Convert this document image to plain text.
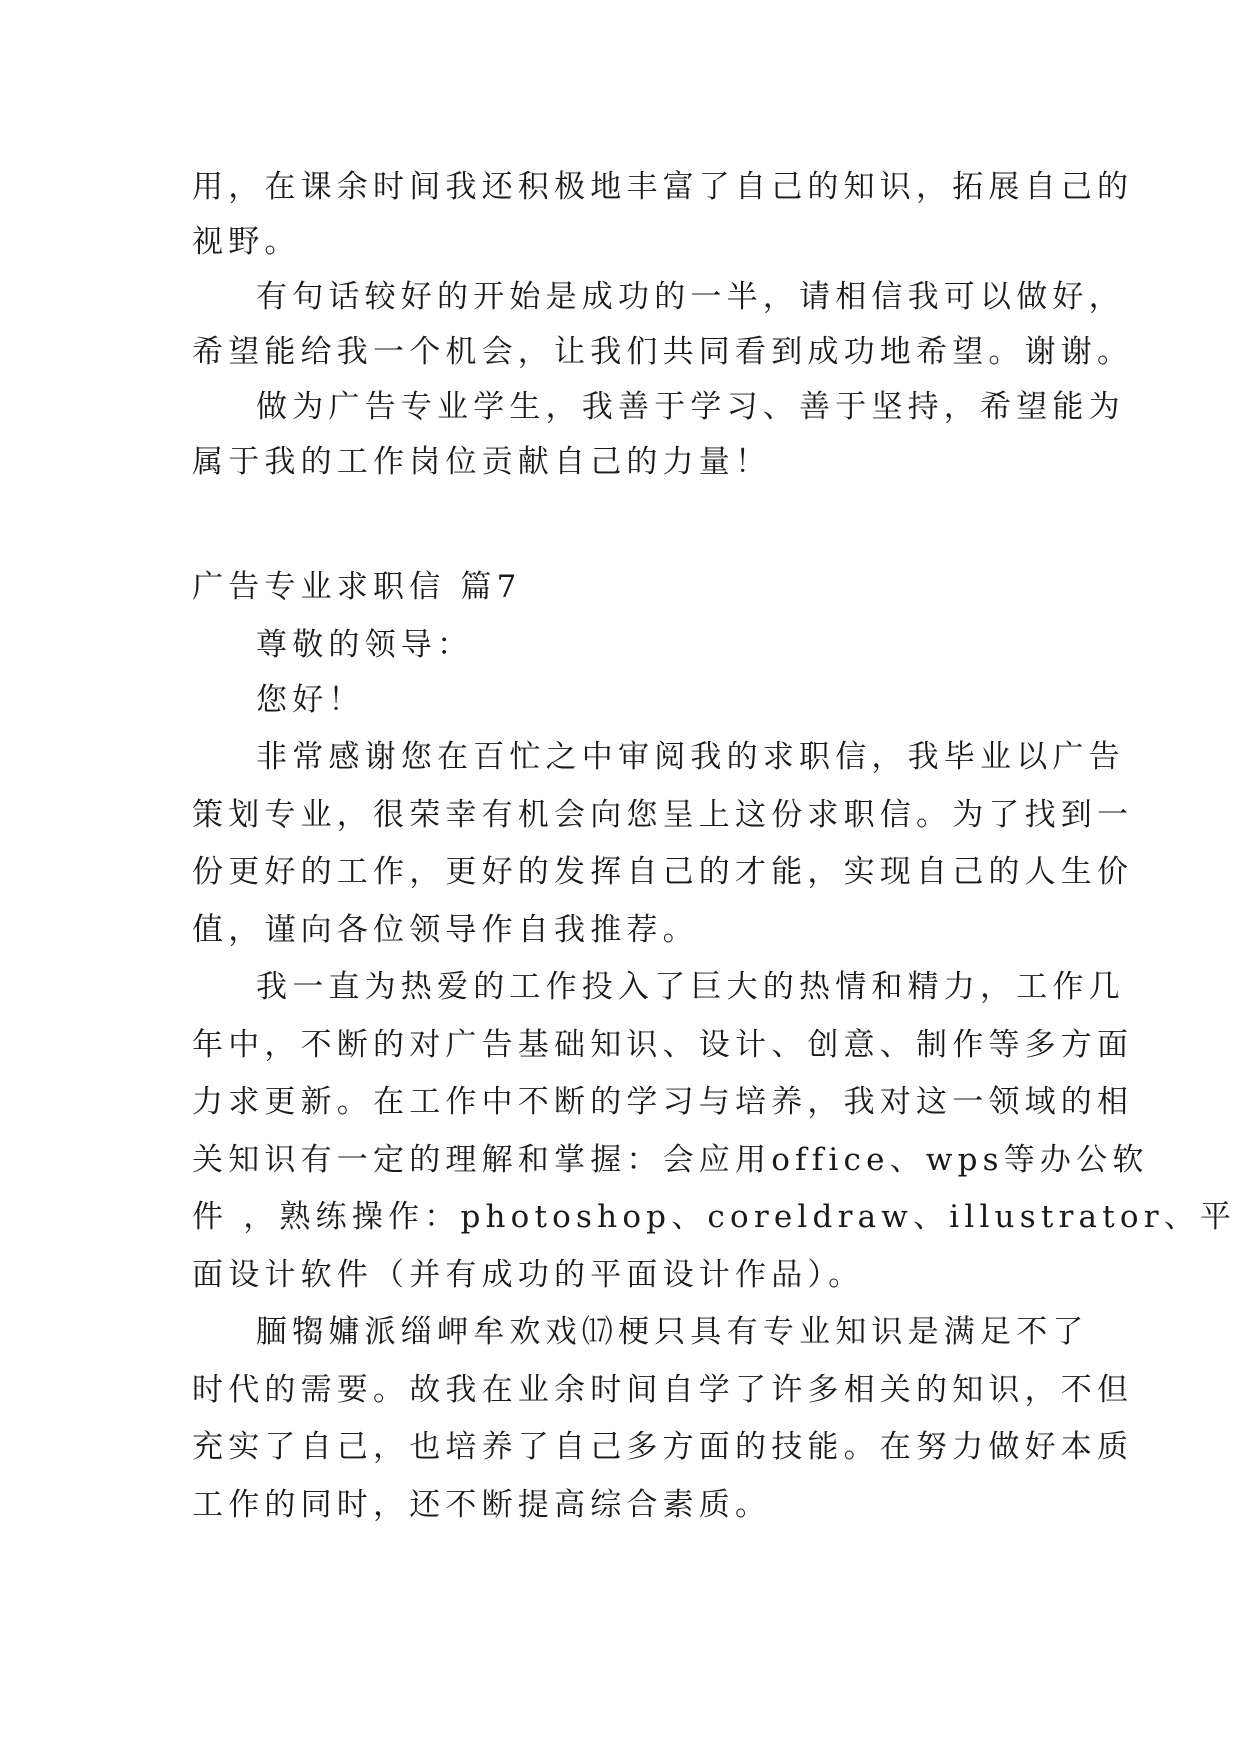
用，在课余时间我还积极地丰富了自己的知识，拓展自己的
视野。
有句话较好的开始是成功的一半，请相信我可以做好，
希望能给我一个机会，让我们共同看到成功地希望。谢谢。
做为广告专业学生，我善于学习、善于坚持，希望能为
属于我的工作岗位贡献自己的力量！
广告专业求职信 篇7
尊敬的领导：
您好！
非常感谢您在百忙之中审阅我的求职信，我毕业以广告
策划专业，很荣幸有机会向您呈上这份求职信。为了找到一
份更好的工作，更好的发挥自己的才能，实现自己的人生价
值，谨向各位领导作自我推荐。
我一直为热爱的工作投入了巨大的热情和精力，工作几
年中，不断的对广告基础知识、设计、创意、制作等多方面
力求更新。在工作中不断的学习与培养，我对这一领域的相
关知识有一定的理解和掌握：会应用office、wps等办公软
件 ，熟练操作：photoshop、coreldraw、illustrator、平
面设计软件（并有成功的平面设计作品）。
腼犓嫞派缁岬牟欢戏⒄梗只具有专业知识是满足不了
时代的需要。故我在业余时间自学了许多相关的知识，不但
充实了自己，也培养了自己多方面的技能。在努力做好本质
工作的同时，还不断提高综合素质。
